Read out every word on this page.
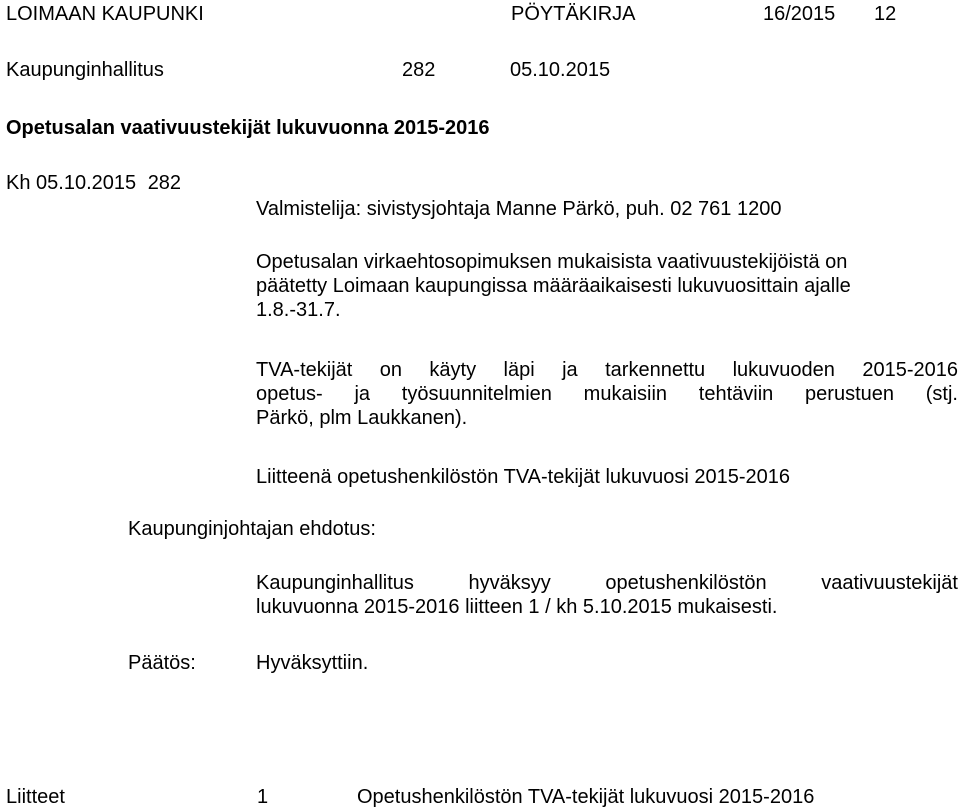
LOIMAAN KAUPUNKI	PÖYTÄKIRJA	16/2015 12
Kaupunginhallitus	282	05.10.2015
Opetusalan vaativuustekijät lukuvuonna 2015-2016
Kh 05.10.2015 282
Valmistelija: sivistysjohtaja Manne Pärkö, puh. 02 761 1200
Opetusalan virkaehtosopimuksen mukaisista vaativuustekijöistä on
päätetty Loimaan kaupungissa määräaikaisesti lukuvuosittain ajalle
1.8.-31.7.
TVA-tekijät on käyty läpi ja tarkennettu lukuvuoden 2015-2016
opetus- ja työsuunnitelmien mukaisiin tehtäviin perustuen (stj.
Pärkö, plm Laukkanen).
Liitteenä opetushenkilöstön TVA-tekijät lukuvuosi 2015-2016
Kaupunginjohtajan ehdotus:
Kaupunginhallitus hyväksyy opetushenkilöstön vaativuustekijät
lukuvuonna 2015-2016 liitteen 1 / kh 5.10.2015 mukaisesti.
Päätös:	Hyväksyttiin.
Liitteet	1	Opetushenkilöstön TVA-tekijät lukuvuosi 2015-2016
